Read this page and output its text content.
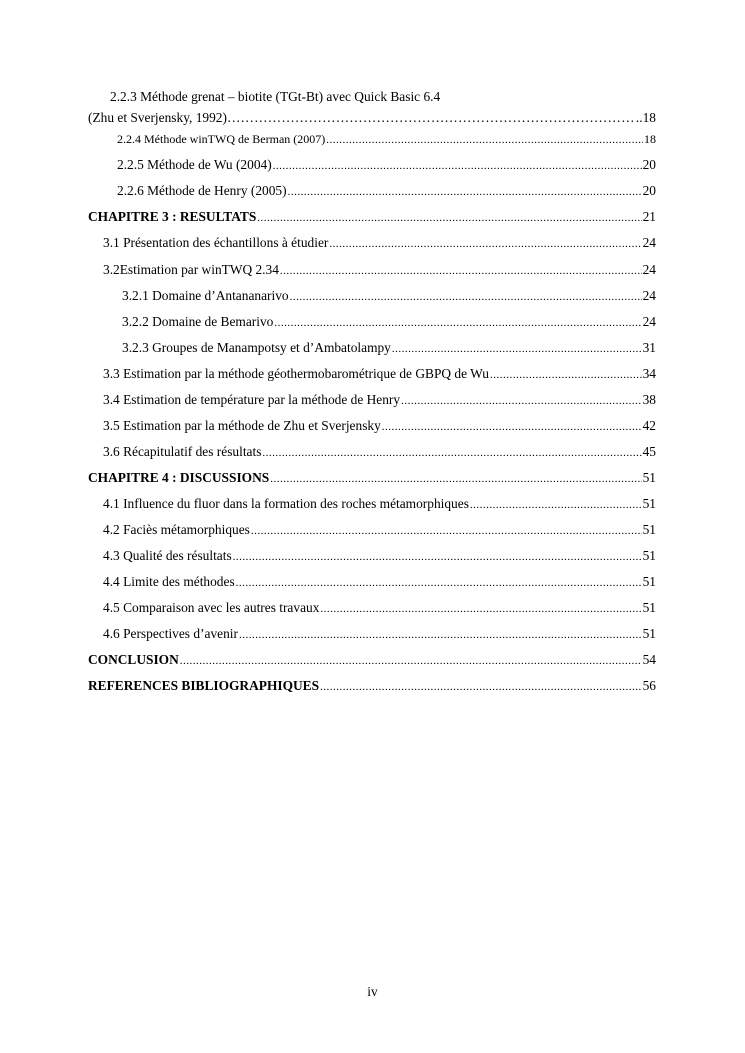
2.2.3 Méthode grenat – biotite (TGt-Bt) avec Quick Basic 6.4
(Zhu et Sverjensky, 1992) ………………………………………………………………………………………………………………	..18
2.2.4 Méthode winTWQ de Berman (2007) .....	18
2.2.5 Méthode de Wu (2004) .....	20
2.2.6 Méthode de Henry (2005) .....	20
CHAPITRE 3 : RESULTATS .....	21
3.1 Présentation des échantillons à étudier .....	24
3.2Estimation par winTWQ 2.34 .....	24
3.2.1 Domaine d’Antananarivo .....	24
3.2.2 Domaine de Bemarivo .....	24
3.2.3 Groupes de Manampotsy et d’Ambatolampy .....	31
3.3 Estimation par la méthode géothermobarométrique de GBPQ de Wu .....	34
3.4 Estimation de température par la méthode de Henry .....	38
3.5 Estimation par la méthode de Zhu et Sverjensky .....	42
3.6 Récapitulatif des résultats .....	45
CHAPITRE 4 : DISCUSSIONS .....	51
4.1 Influence du fluor dans la formation des roches métamorphiques .....	51
4.2 Faciès métamorphiques .....	51
4.3 Qualité des résultats .....	51
4.4 Limite des méthodes .....	51
4.5 Comparaison avec les autres travaux .....	51
4.6 Perspectives d’avenir .....	51
CONCLUSION .....	54
REFERENCES BIBLIOGRAPHIQUES .....	56
iv
